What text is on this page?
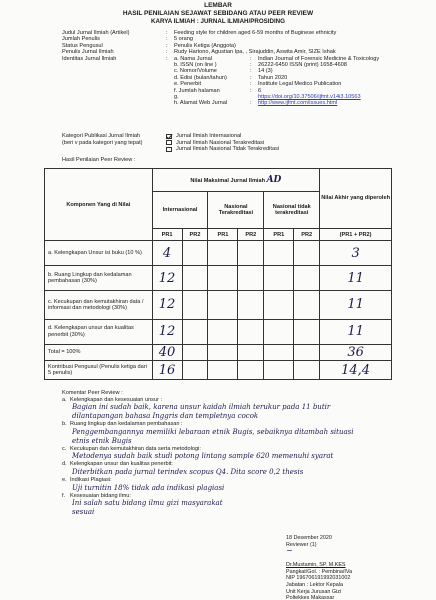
LEMBAR
HASIL PENILAIAN SEJAWAT SEBIDANG ATAU PEER REVIEW
KARYA ILMIAH : JURNAL ILMIAH/PROSIDING
Judul Jurnal Ilmiah (Artikel)	:	Feeding style for children aged 6-59 months of Buginese ethnicity
Jumlah Penulis	:	5 orang
Status Pengusul	:	Penulis Ketiga (Anggota)
Penulis Jurnal Ilmiah	:	Rudy Hartono, Agustian Ipa, , Sirajuddin, Aswita Amir, SIZE Ishak
Identitas Jurnal Ilmiah	:	a. Nama Jurnal	:	Indian Journal of Forensic Medicine & Toxicology
b. ISSN (on line )	:	26222-6450 ISSN (print) 1658-4608
c. Nomor/Volume	:	14 (3)
d. Edisi (bulan/tahun)	:	Tahun 2020
e. Penerbit	:	Institute Legal Medico Publication
f. Jumlah halaman	:	6
g.	https://doi.org/10.37506/ijfmt.v14i3.10563
h. Alamat Web Jurnal	:	http://www.ijfmt.com/issues.html
Kategori Publikasi Jurnal Ilmiah
(beri v pada kategori yang tepat)
Jurnal Ilmiah Internasional
Jurnal Ilmiah Nasional Terakreditasi
Jurnal Ilmiah Nasional Tidak Terakreditasi
Hasil Penilaian Peer Review :
Komponen Yang di Nilai	Nilai Maksimal Jurnal Ilmiah AD						Nilai Akhir yang diperoleh
	Internasional		Nasional Terakreditasi		Nasional tidak terakreditasi		
	PR1	PR2	PR1	PR2	PR1	PR2	(PR1 + PR2)
a. Kelengkapan Unsur isi buku (10 %)	4						3
b. Ruang Lingkup dan kedalaman pembahasan (30%)	12						11
c. Kecukupan dan kemutakhiran data / informasi dan metodologi (30%)	12						11
d. Kelengkapan unsur dan kualitas penerbit (30%)	12						11
Total = 100%	40						36
Kontribusi Pengusul (Penulis ketiga dari 5 penulis)	16						14,4
Komentar Peer Review :
a. Kelengkapan dan kesesuaian unsur :
Bagian ini sudah baik, karena unsur kaidah ilmiah terukur pada 11 butir
dilantapangan bahasa Inggris dan templetnya cocok
b. Ruang lingkup dan kedalaman pembahasan :
Penggembangannya memiliki lebaraan etnik Bugis, sebaiknya ditambah situasi
etnis etnik Bugis
c. Kecukupan dan kemutakhiran data serta metodologi:
Metodenya sudah baik studi potong lintang sample 620 memenuhi syarat
d. Kelengkapan unsur dan kualitas penerbit:
Diterbitkan pada jurnal terindex scopus Q4. Dita score 0,2 thesis
e. Indikasi Plagiasi:
Uji turnitin 18% tidak ada indikasi plagiasi
f. Kesesuaian bidang ilmu:
Ini salah satu bidang ilmu gizi masyarakat
sesuai
18 Desember 2020
Reviewer (1)
~
Dr.Mustamin, SP. M.KES
Pangkat/Gol. : Pembina/IVa
NIP 196706191992031002
Jabatan : Lektor Kepala
Unit Kerja Jurusan Gizi
Poltekkes Makassar
